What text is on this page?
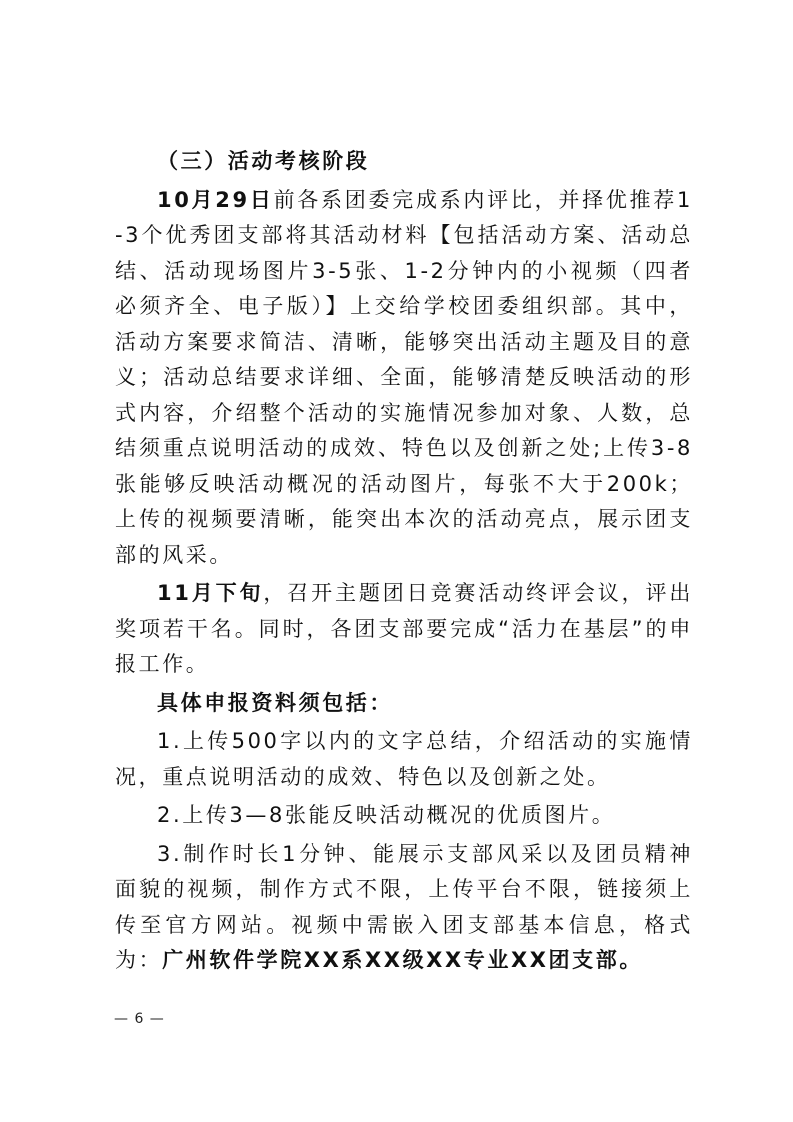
（三）活动考核阶段

10月29日前各系团委完成系内评比，并择优推荐1-3个优秀团支部将其活动材料【包括活动方案、活动总结、活动现场图片3-5张、1-2分钟内的小视频（四者必须齐全、电子版）】上交给学校团委组织部。其中，活动方案要求简洁、清晰，能够突出活动主题及目的意义；活动总结要求详细、全面，能够清楚反映活动的形式内容，介绍整个活动的实施情况参加对象、人数，总结须重点说明活动的成效、特色以及创新之处;上传3-8张能够反映活动概况的活动图片，每张不大于200k；上传的视频要清晰，能突出本次的活动亮点，展示团支部的风采。

11月下旬，召开主题团日竞赛活动终评会议，评出奖项若干名。同时，各团支部要完成“活力在基层”的申报工作。

具体申报资料须包括：

1.上传500字以内的文字总结，介绍活动的实施情况，重点说明活动的成效、特色以及创新之处。

2.上传3—8张能反映活动概况的优质图片。

3.制作时长1分钟、能展示支部风采以及团员精神面貌的视频，制作方式不限，上传平台不限，链接须上传至官方网站。视频中需嵌入团支部基本信息，格式为：广州软件学院XX系XX级XX专业XX团支部。

— 6 —
